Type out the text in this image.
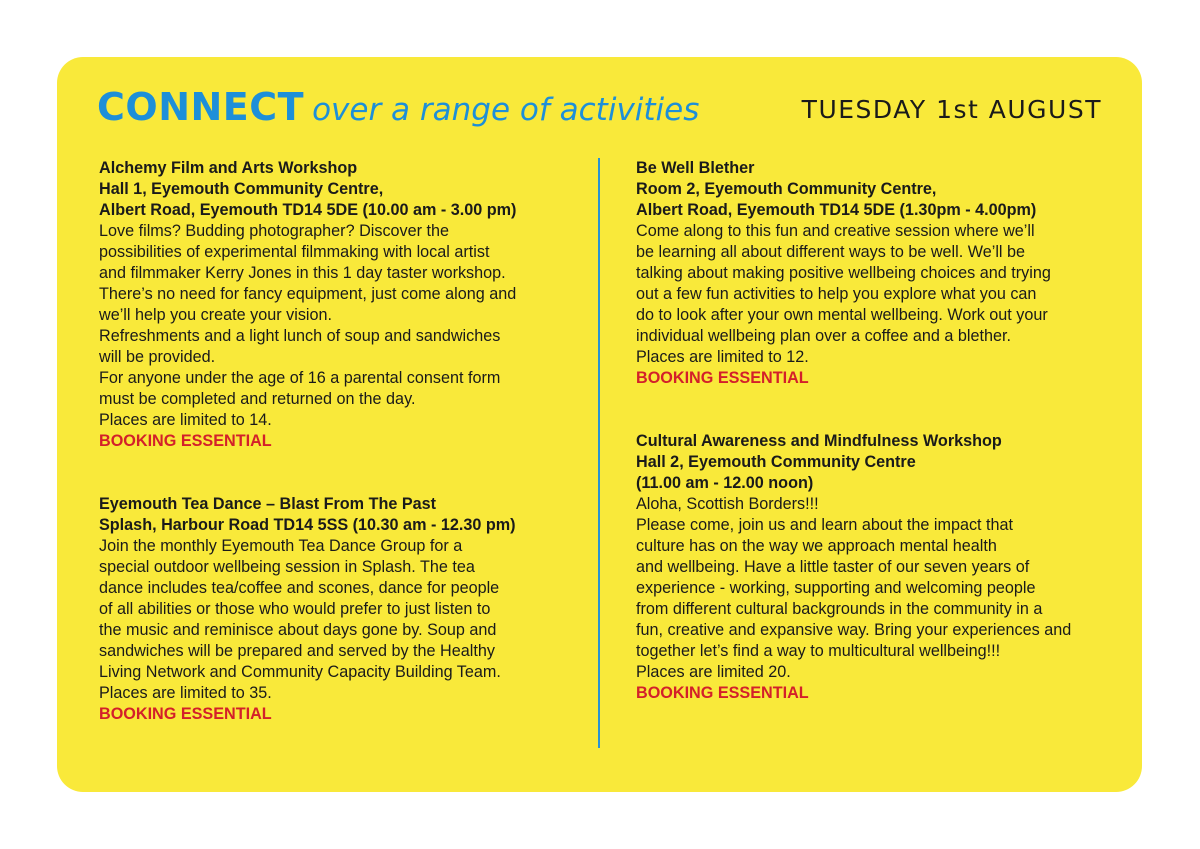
CONNECT over a range of activities	TUESDAY 1st AUGUST
Alchemy Film and Arts Workshop
Hall 1, Eyemouth Community Centre,
Albert Road, Eyemouth TD14 5DE (10.00 am - 3.00 pm)
Love films? Budding photographer? Discover the
possibilities of experimental filmmaking with local artist
and filmmaker Kerry Jones in this 1 day taster workshop.
There’s no need for fancy equipment, just come along and
we’ll help you create your vision.
Refreshments and a light lunch of soup and sandwiches
will be provided.
For anyone under the age of 16 a parental consent form
must be completed and returned on the day.
Places are limited to 14.
BOOKING ESSENTIAL
Eyemouth Tea Dance – Blast From The Past
Splash, Harbour Road TD14 5SS (10.30 am - 12.30 pm)
Join the monthly Eyemouth Tea Dance Group for a
special outdoor wellbeing session in Splash. The tea
dance includes tea/coffee and scones, dance for people
of all abilities or those who would prefer to just listen to
the music and reminisce about days gone by. Soup and
sandwiches will be prepared and served by the Healthy
Living Network and Community Capacity Building Team.
Places are limited to 35.
BOOKING ESSENTIAL
Be Well Blether
Room 2, Eyemouth Community Centre,
Albert Road, Eyemouth TD14 5DE (1.30pm - 4.00pm)
Come along to this fun and creative session where we’ll
be learning all about different ways to be well. We’ll be
talking about making positive wellbeing choices and trying
out a few fun activities to help you explore what you can
do to look after your own mental wellbeing. Work out your
individual wellbeing plan over a coffee and a blether.
Places are limited to 12.
BOOKING ESSENTIAL
Cultural Awareness and Mindfulness Workshop
Hall 2, Eyemouth Community Centre
(11.00 am - 12.00 noon)
Aloha, Scottish Borders!!!
Please come, join us and learn about the impact that
culture has on the way we approach mental health
and wellbeing. Have a little taster of our seven years of
experience - working, supporting and welcoming people
from different cultural backgrounds in the community in a
fun, creative and expansive way. Bring your experiences and
together let’s find a way to multicultural wellbeing!!!
Places are limited 20.
BOOKING ESSENTIAL
